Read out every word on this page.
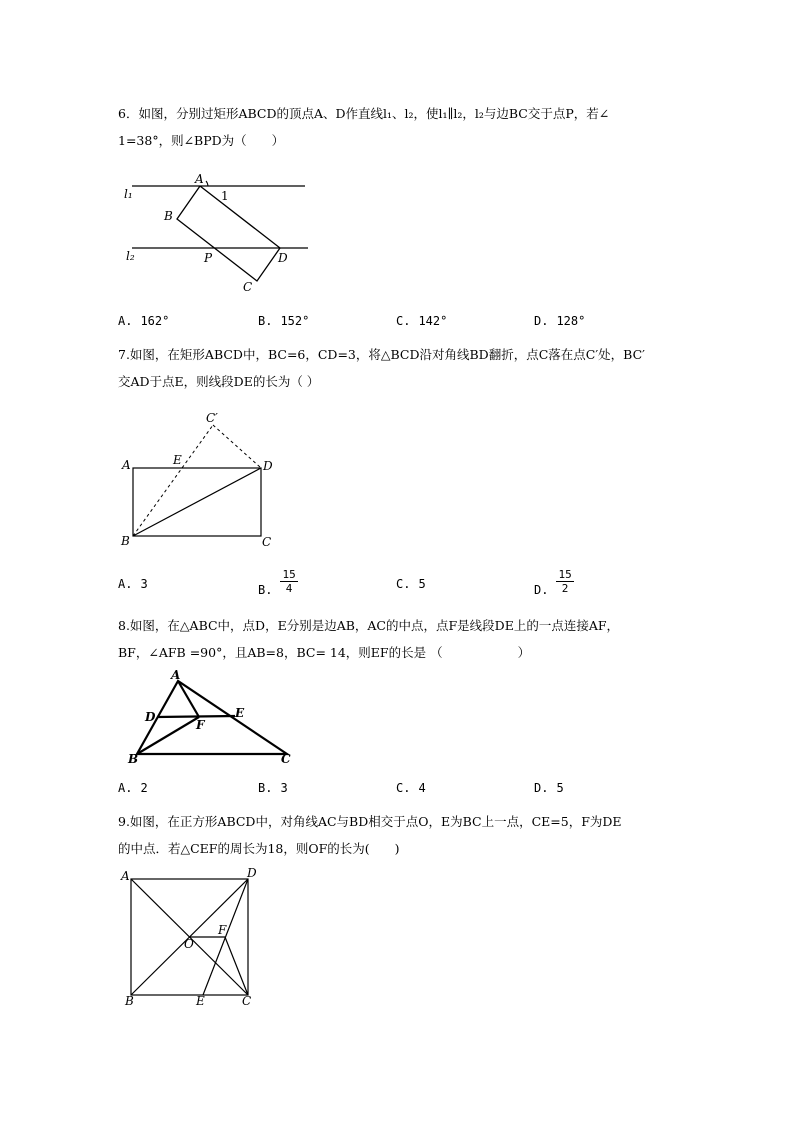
6．如图，分别过矩形ABCD的顶点A、D作直线l₁、l₂，使l₁∥l₂，l₂与边BC交于点P，若∠
1=38°，则∠BPD为（　　）
l₁
l₂
A
1
B
P	D
C
A. 162°	B. 152°	C. 142°	D. 128°
7.如图，在矩形ABCD中，BC=6，CD=3，将△BCD沿对角线BD翻折，点C落在点C′处，BC′
交AD于点E，则线段DE的长为（ ）
C′
A	E	D
B	C
A. 3	B. $\frac{15}{4}$	C. 5	D. $\frac{15}{2}$
8.如图，在△ABC中，点D，E分别是边AB，AC的中点，点F是线段DE上的一点连接AF，
BF，∠AFB =90°，且AB=8，BC= 14，则EF的长是 （　　　　　　）
A
D	E
F
B	C
A. 2	B. 3	C. 4	D. 5
9.如图，在正方形ABCD中，对角线AC与BD相交于点O，E为BC上一点，CE=5，F为DE
的中点．若△CEF的周长为18，则OF的长为(　　)
A	D
F
O
B	E	C
